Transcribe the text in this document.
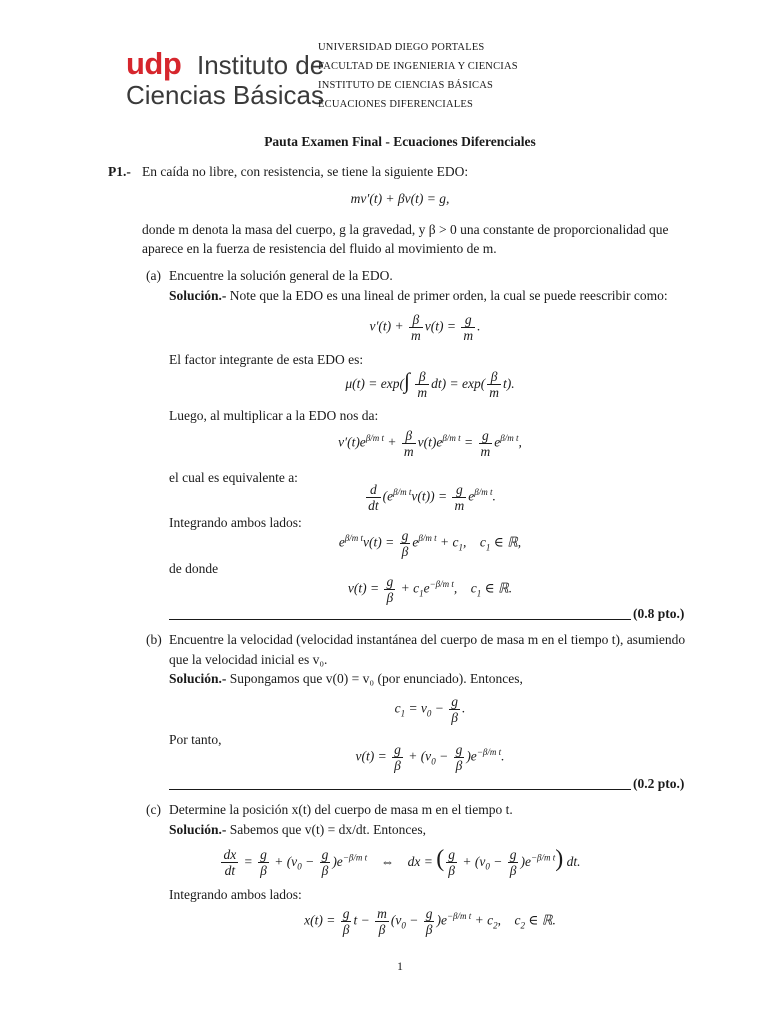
udp Instituto de
Ciencias Básicas
UNIVERSIDAD DIEGO PORTALES
FACULTAD DE INGENIERIA Y CIENCIAS
INSTITUTO DE CIENCIAS BÁSICAS
ECUACIONES DIFERENCIALES
Pauta Examen Final - Ecuaciones Diferenciales
P1.- En caída no libre, con resistencia, se tiene la siguiente EDO:
mv′(t) + βv(t) = g,
donde m denota la masa del cuerpo, g la gravedad, y β > 0 una constante de proporcionalidad que
aparece en la fuerza de resistencia del fluido al movimiento de m.
(a) Encuentre la solución general de la EDO.
Solución.- Note que la EDO es una lineal de primer orden, la cual se puede reescribir como:
$v'(t) + \frac{\beta}{m} v(t) = \frac{g}{m}$ .
El factor integrante de esta EDO es:
$\mu(t) = \exp(\int \frac{\beta}{m} dt) = \exp( \frac{\beta}{m} t)$.
Luego, al multiplicar a la EDO nos da:
$v'(t)e^{\beta/m t} + \frac{\beta}{m} v(t)e^{\beta/m t} = \frac{g}{m} e^{\beta/m t}$,
el cual es equivalente a:
$\frac{d}{dt} (e^{\beta/m t}v(t)) = \frac{g}{m} e^{\beta/m t}$.
Integrando ambos lados:
$e^{\beta/m t}v(t) = \frac{g}{\beta} e^{\beta/m t} + c_1$,    $c_1$ ∈ ℝ,
de donde
$v(t) = \frac{g}{\beta} + c_1e^{-\beta/m t}$,    $c_1$ ∈ ℝ.
(0.8 pto.)
(b) Encuentre la velocidad (velocidad instantánea del cuerpo de masa m en el tiempo t), asumiendo
que la velocidad inicial es v₀.
Solución.- Supongamos que v(0) = v₀ (por enunciado). Entonces,
$c_1 = v_0 - \frac{g}{\beta}$ .
Por tanto,
$v(t) = \frac{g}{\beta} + (v_0 - \frac{g}{\beta} )e^{-\beta/m t}$.
(0.2 pto.)
(c) Determine la posición x(t) del cuerpo de masa m en el tiempo t.
Solución.- Sabemos que v(t) = dx/dt. Entonces,
$\frac{dx}{dt} = \frac{g}{\beta} + (v_0 - \frac{g}{\beta} )e^{-\beta/m t}$    ⇔    dx = ( $\frac{g}{\beta} + (v_0 - \frac{g}{\beta} )e^{-\beta/m t}$) dt.
Integrando ambos lados:
$x(t) = \frac{g}{\beta}$ $t - \frac{m}{\beta} (v_0 - \frac{g}{\beta} )e^{-\beta/m t} + c_2$,    $c_2$ ∈ ℝ.
1
